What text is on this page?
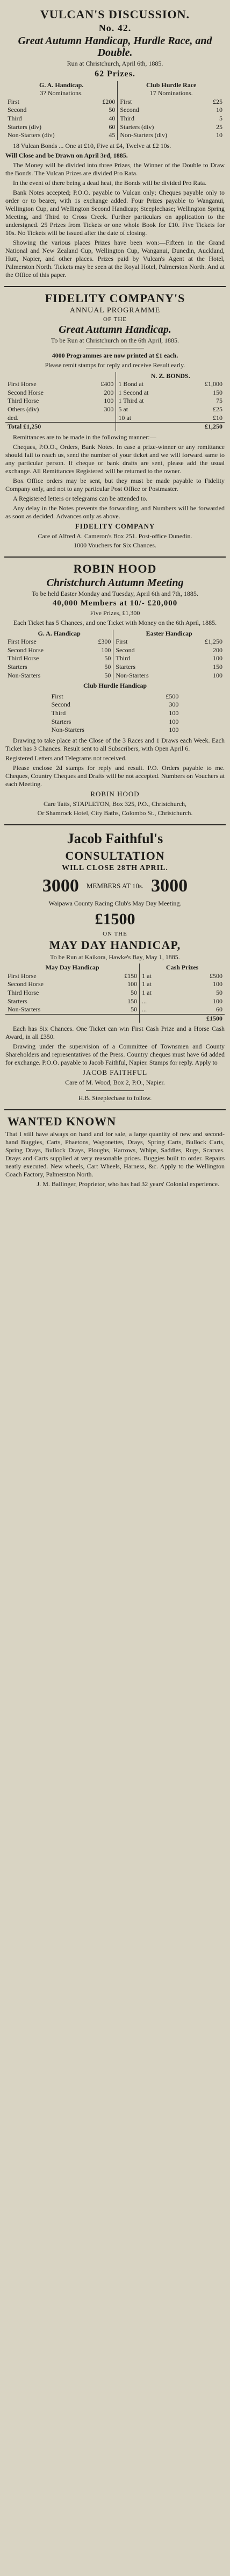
VULCAN'S DISCUSSION.
No. 42.
Great Autumn Handicap, Hurdle Race, and Double.
Run at Christchurch, April 6th, 1885.
62 Prizes.
G. A. Handicap.		Club Hurdle Race	
3? Nominations.		17 Nominations.	
First	£200	First	£25
Second	50	Second	10
Third	40	Third	5
Starters (div)	60	Starters (div)	25
Non-Starters (div)	45	Non-Starters (div)	10
18 Vulcan Bonds ... One at £10, Five at £4, Twelve at £2 10s.
Will Close and be Drawn on April 3rd, 1885.
The Money will be divided into three Prizes, the Winner of the Double to Draw the Bonds. The Vulcan Prizes are divided Pro Rata.
In the event of there being a dead heat, the Bonds will be divided Pro Rata.
Bank Notes accepted; P.O.O. payable to Vulcan only; Cheques payable only to order or to bearer, with 1s exchange added. Four Prizes payable to Wanganui, Wellington Cup, and Wellington Second Handicap; Steeplechase; Wellington Spring Meeting, and Third to Cross Creek. Further particulars on application to the undersigned. 25 Prizes from Tickets or one whole Book for £10. Five Tickets for 10s. No Tickets will be issued after the date of closing.
Showing the various places Prizes have been won:—Fifteen in the Grand National and New Zealand Cup, Wellington Cup, Wanganui, Dunedin, Auckland, Hutt, Napier, and other places. Prizes paid by Vulcan's Agent at the Hotel, Palmerston North. Tickets may be seen at the Royal Hotel, Palmerston North. And at the Office of this paper.
FIDELITY COMPANY'S
ANNUAL PROGRAMME
OF THE
Great Autumn Handicap.
To be Run at Christchurch on the 6th April, 1885.
4000 Programmes are now printed at £1 each.
Please remit stamps for reply and receive Result early.
		N. Z. BONDS.	
First Horse	£400	1 Bond at	£1,000
Second Horse	200	1 Second at	150
Third Horse	100	1 Third at	75
Others (div)	300	5 at	£25
ded.		10 at	£10
Total £1,250		£1,250	
Remittances are to be made in the following manner:—
Cheques, P.O.O., Orders, Bank Notes. In case a prize-winner or any remittance should fail to reach us, send the number of your ticket and we will forward same to any particular person. If cheque or bank drafts are sent, please add the usual exchange. All Remittances Registered will be returned to the owner.
Box Office orders may be sent, but they must be made payable to Fidelity Company only, and not to any particular Post Office or Postmaster.
A Registered letters or telegrams can be attended to.
Any delay in the Notes prevents the forwarding, and Numbers will be forwarded as soon as decided. Advances only as above.
FIDELITY COMPANY
Care of Alfred A. Cameron's Box 251. Post-office Dunedin.
1000 Vouchers for Six Chances.
ROBIN HOOD
Christchurch Autumn Meeting
To be held Easter Monday and Tuesday, April 6th and 7th, 1885.
40,000 Members at 10/- £20,000
Five Prizes, £1,300
Each Ticket has 5 Chances, and one Ticket with Money on the 6th April, 1885.
G. A. Handicap		Easter Handicap	
First Horse	£300	First	£1,250
Second Horse	100	Second	200
Third Horse	50	Third	100
Starters	50	Starters	150
Non-Starters	50	Non-Starters	100
Club Hurdle Handicap
First	£500
Second	300
Third	100
Starters	100
Non-Starters	100
Drawing to take place at the Close of the 3 Races and 1 Draws each Week. Each Ticket has 3 Chances. Result sent to all Subscribers, with Open April 6.
Registered Letters and Telegrams not received.
Please enclose 2d stamps for reply and result. P.O. Orders payable to me. Cheques, Country Cheques and Drafts will be not accepted. Numbers on Vouchers at each Meeting.
ROBIN HOOD
Care Tatts, STAPLETON, Box 325, P.O., Christchurch,
Or Shamrock Hotel, City Baths, Colombo St., Christchurch.
Jacob Faithful's
CONSULTATION
WILL CLOSE 28TH APRIL.
3000 MEMBERS AT 10s. 3000
Waipawa County Racing Club's May Day Meeting.
£1500
ON THE
MAY DAY HANDICAP,
To be Run at Kaikora, Hawke's Bay, May 1, 1885.
May Day Handicap		Cash Prizes	
First Horse	£150	1 at	£500
Second Horse	100	1 at	100
Third Horse	50	1 at	50
Starters	150	...	100
Non-Starters	50	...	60
		£1500	
Each has Six Chances. One Ticket can win First Cash Prize and a Horse Cash Award, in all £350.
Drawing under the supervision of a Committee of Townsmen and County Shareholders and representatives of the Press. Country cheques must have 6d added for exchange. P.O.O. payable to Jacob Faithful, Napier. Stamps for reply. Apply to
JACOB FAITHFUL
Care of M. Wood, Box 2, P.O., Napier.
H.B. Steeplechase to follow.
WANTED KNOWN
That I still have always on hand and for sale, a large quantity of new and second-hand Buggies, Carts, Phaetons, Wagonettes, Drays, Spring Carts, Bullock Carts, Spring Drays, Bullock Drays, Ploughs, Harrows, Whips, Saddles, Rugs, Scarves. Drays and Carts supplied at very reasonable prices. Buggies built to order. Repairs neatly executed. New wheels, Cart Wheels, Harness, &c. Apply to the Wellington Coach Factory, Palmerston North.
J. M. Ballinger, Proprietor, who has had 32 years' Colonial experience.
